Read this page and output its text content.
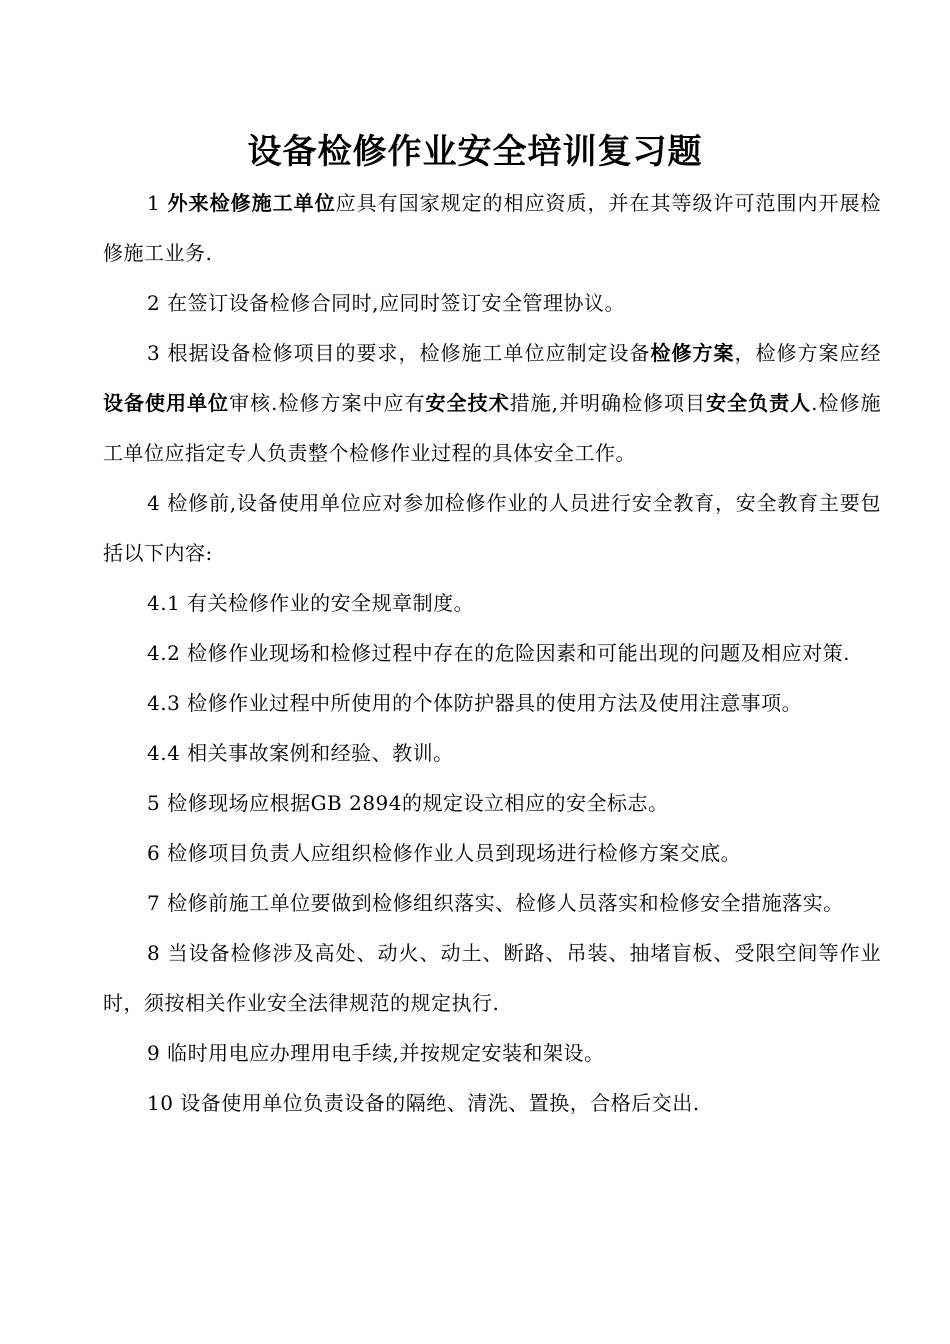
设备检修作业安全培训复习题

1 外来检修施工单位应具有国家规定的相应资质，并在其等级许可范围内开展检修施工业务.

2 在签订设备检修合同时,应同时签订安全管理协议。

3 根据设备检修项目的要求，检修施工单位应制定设备检修方案，检修方案应经设备使用单位审核.检修方案中应有安全技术措施,并明确检修项目安全负责人.检修施工单位应指定专人负责整个检修作业过程的具体安全工作。

4 检修前,设备使用单位应对参加检修作业的人员进行安全教育，安全教育主要包括以下内容:

4.1 有关检修作业的安全规章制度。

4.2 检修作业现场和检修过程中存在的危险因素和可能出现的问题及相应对策.

4.3 检修作业过程中所使用的个体防护器具的使用方法及使用注意事项。

4.4 相关事故案例和经验、教训。

5 检修现场应根据GB 2894的规定设立相应的安全标志。

6 检修项目负责人应组织检修作业人员到现场进行检修方案交底。

7 检修前施工单位要做到检修组织落实、检修人员落实和检修安全措施落实。

8 当设备检修涉及高处、动火、动土、断路、吊装、抽堵盲板、受限空间等作业时，须按相关作业安全法律规范的规定执行.

9 临时用电应办理用电手续,并按规定安装和架设。

10 设备使用单位负责设备的隔绝、清洗、置换，合格后交出.
